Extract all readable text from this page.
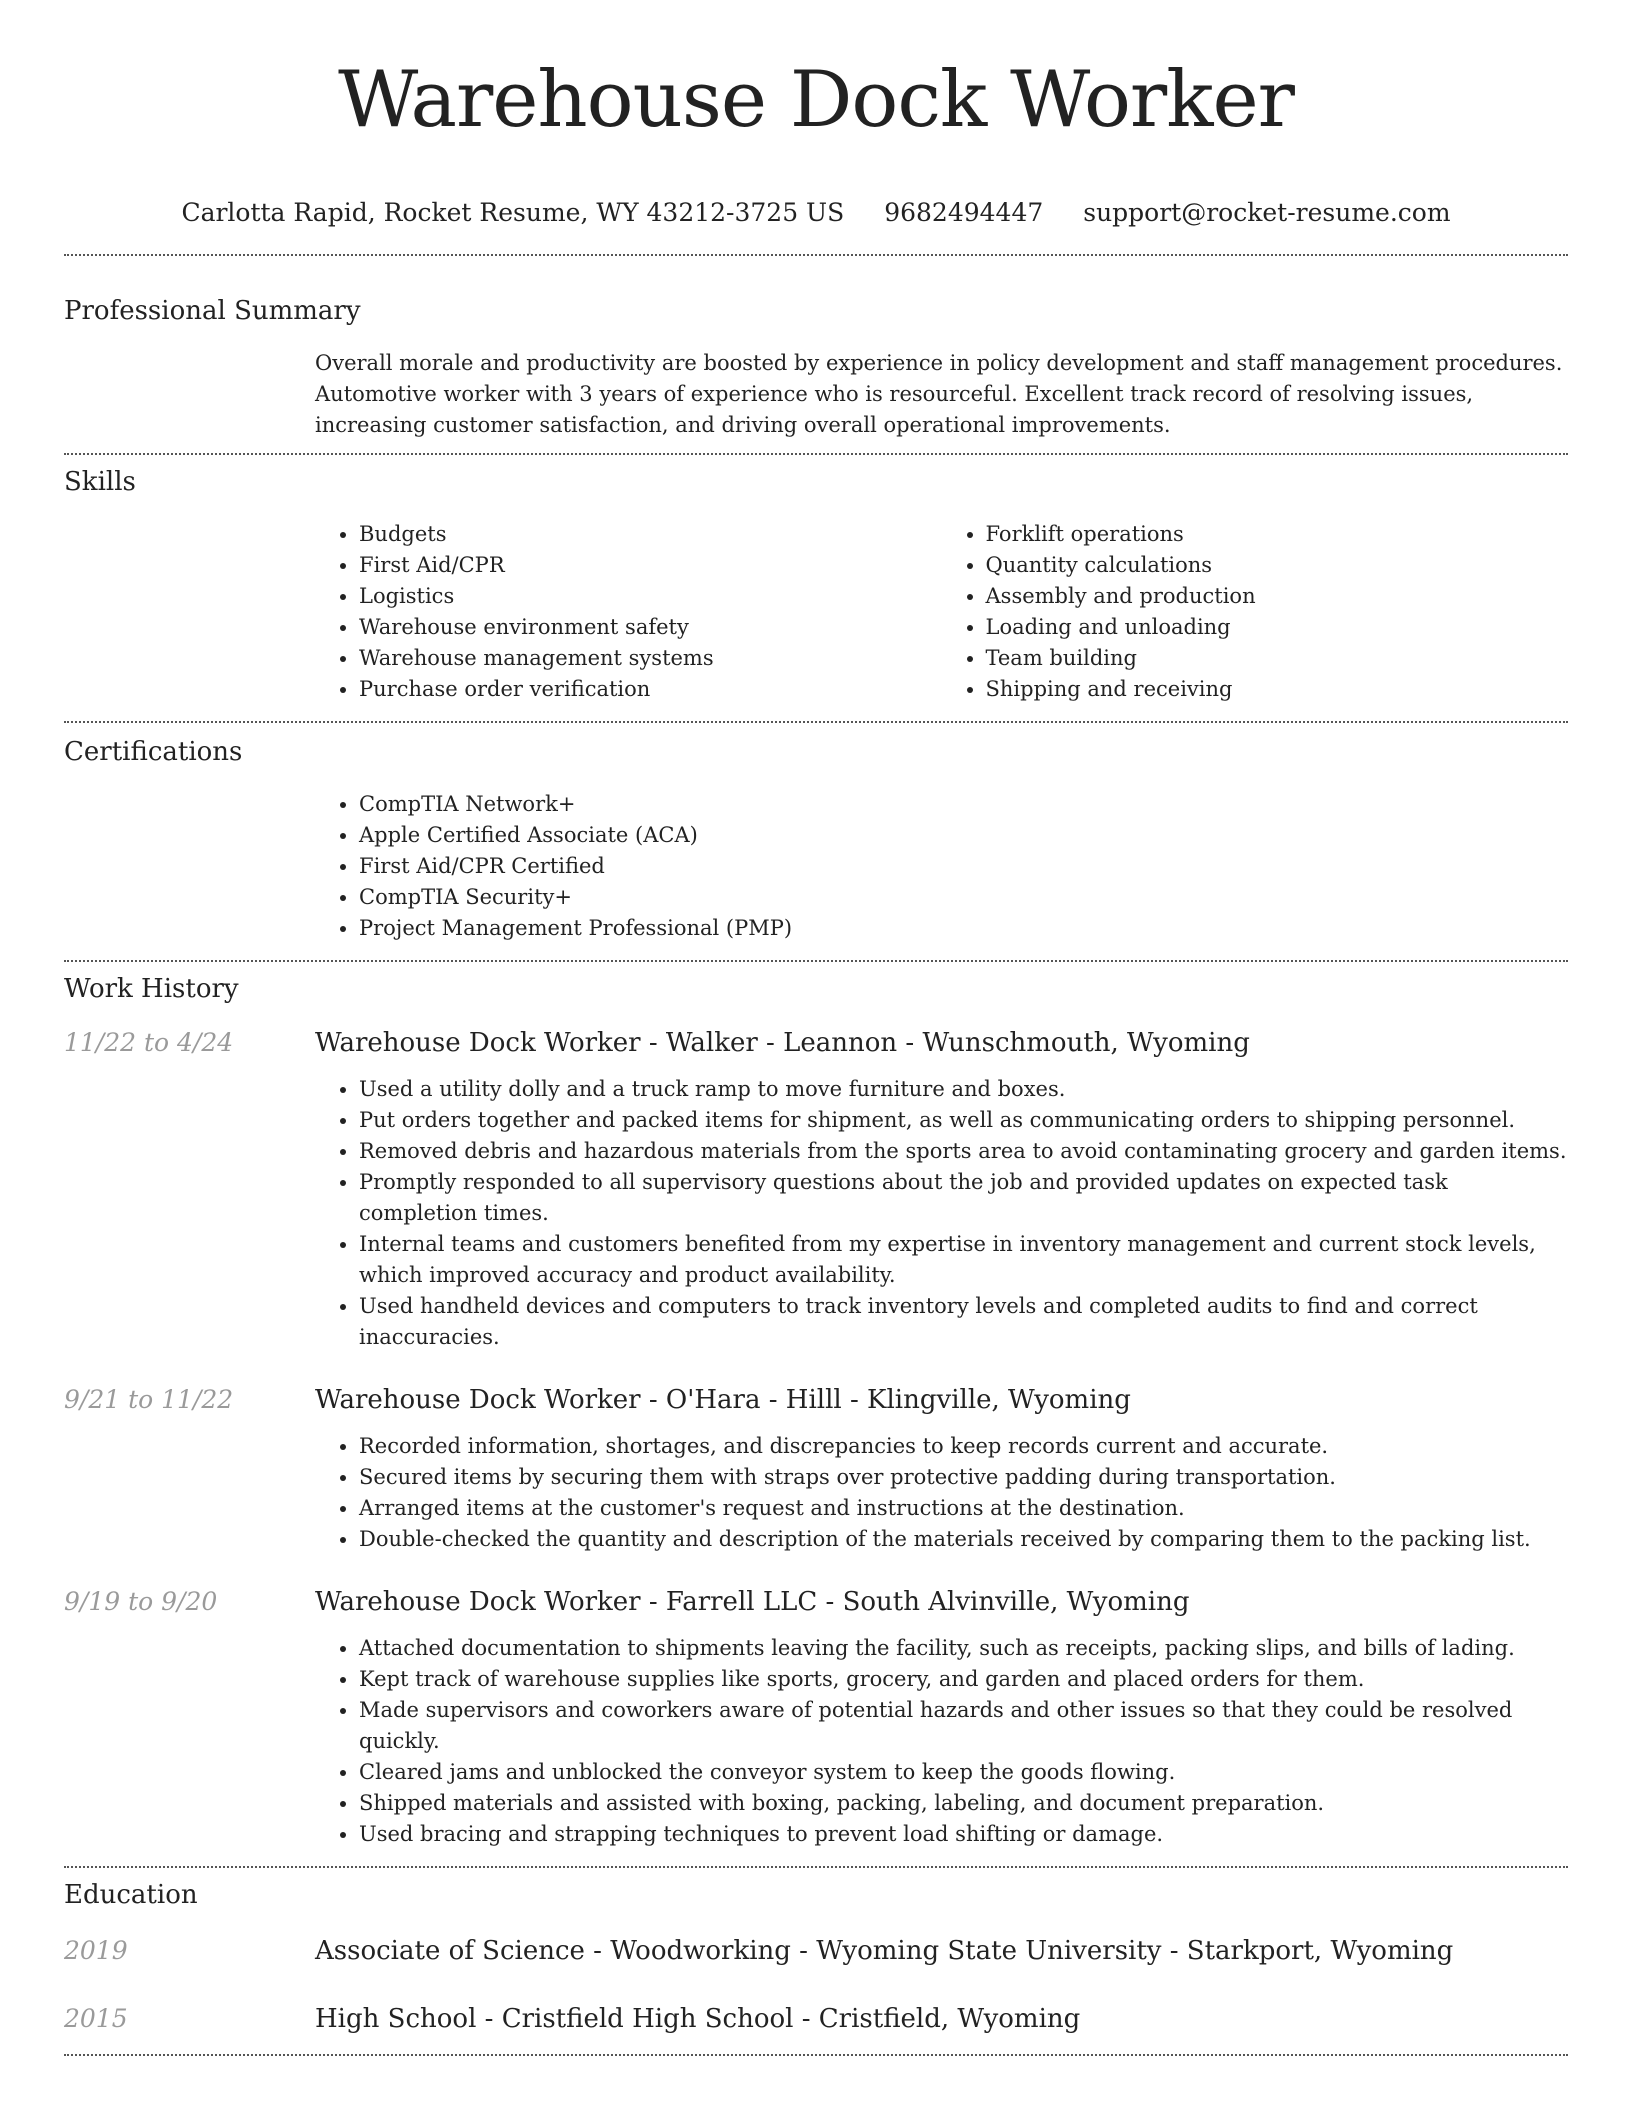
Warehouse Dock Worker
Carlotta Rapid, Rocket Resume, WY 43212-3725 US 9682494447 support@rocket-resume.com
Professional Summary
Overall morale and productivity are boosted by experience in policy development and staff management procedures. Automotive worker with 3 years of experience who is resourceful. Excellent track record of resolving issues, increasing customer satisfaction, and driving overall operational improvements.
Skills
• Budgets
• First Aid/CPR
• Logistics
• Warehouse environment safety
• Warehouse management systems
• Purchase order verification
• Forklift operations
• Quantity calculations
• Assembly and production
• Loading and unloading
• Team building
• Shipping and receiving
Certifications
• CompTIA Network+
• Apple Certified Associate (ACA)
• First Aid/CPR Certified
• CompTIA Security+
• Project Management Professional (PMP)
Work History
11/22 to 4/24	Warehouse Dock Worker - Walker - Leannon - Wunschmouth, Wyoming
• Used a utility dolly and a truck ramp to move furniture and boxes.
• Put orders together and packed items for shipment, as well as communicating orders to shipping personnel.
• Removed debris and hazardous materials from the sports area to avoid contaminating grocery and garden items.
• Promptly responded to all supervisory questions about the job and provided updates on expected task completion times.
• Internal teams and customers benefited from my expertise in inventory management and current stock levels, which improved accuracy and product availability.
• Used handheld devices and computers to track inventory levels and completed audits to find and correct inaccuracies.
9/21 to 11/22	Warehouse Dock Worker - O'Hara - Hilll - Klingville, Wyoming
• Recorded information, shortages, and discrepancies to keep records current and accurate.
• Secured items by securing them with straps over protective padding during transportation.
• Arranged items at the customer's request and instructions at the destination.
• Double-checked the quantity and description of the materials received by comparing them to the packing list.
9/19 to 9/20	Warehouse Dock Worker - Farrell LLC - South Alvinville, Wyoming
• Attached documentation to shipments leaving the facility, such as receipts, packing slips, and bills of lading.
• Kept track of warehouse supplies like sports, grocery, and garden and placed orders for them.
• Made supervisors and coworkers aware of potential hazards and other issues so that they could be resolved quickly.
• Cleared jams and unblocked the conveyor system to keep the goods flowing.
• Shipped materials and assisted with boxing, packing, labeling, and document preparation.
• Used bracing and strapping techniques to prevent load shifting or damage.
Education
2019	Associate of Science - Woodworking - Wyoming State University - Starkport, Wyoming
2015	High School - Cristfield High School - Cristfield, Wyoming
